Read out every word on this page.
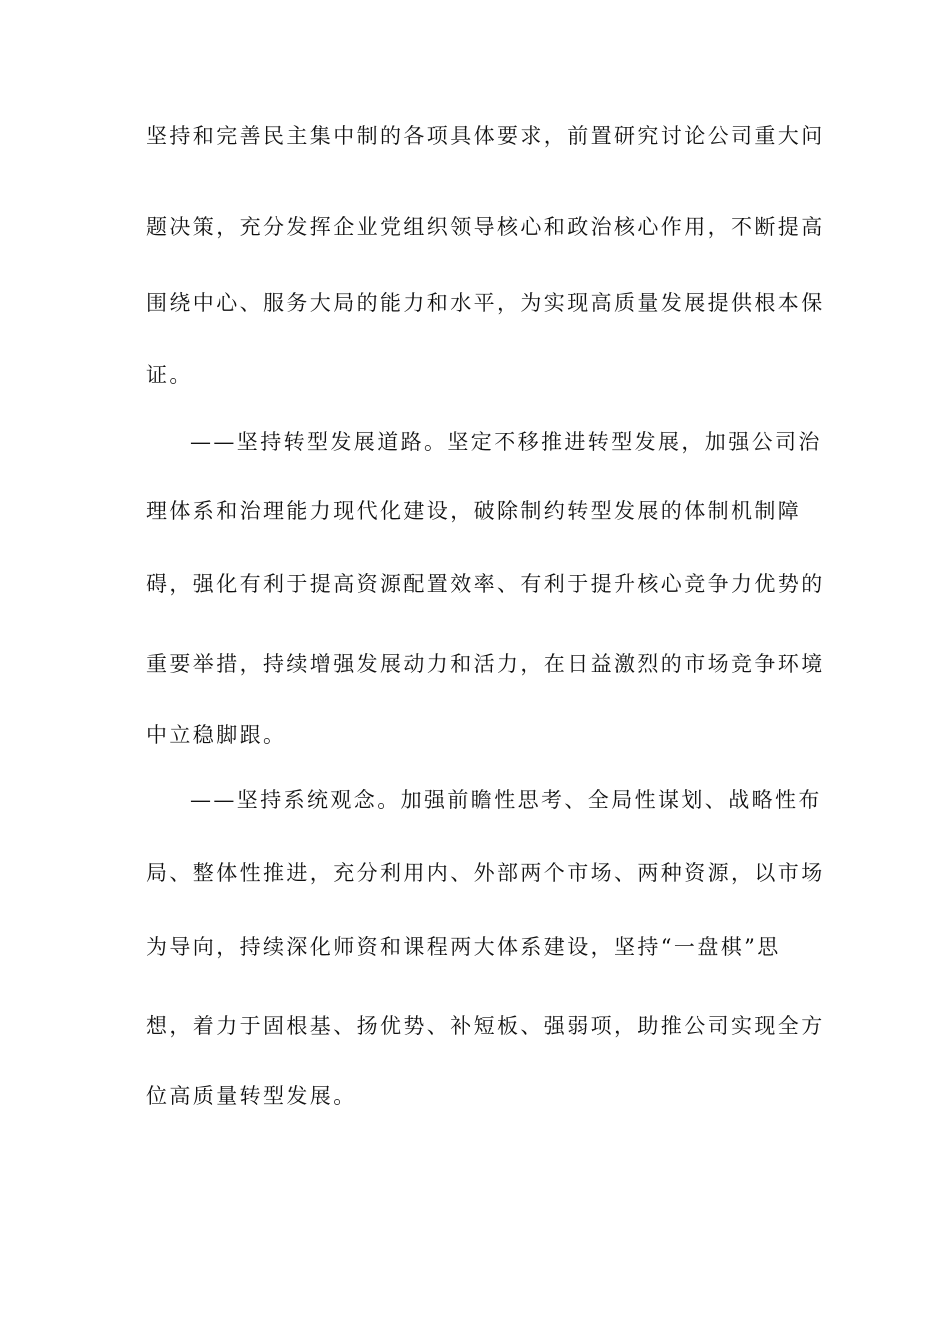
坚持和完善民主集中制的各项具体要求，前置研究讨论公司重大问
题决策，充分发挥企业党组织领导核心和政治核心作用，不断提高
围绕中心、服务大局的能力和水平，为实现高质量发展提供根本保
证。
——坚持转型发展道路。坚定不移推进转型发展，加强公司治
理体系和治理能力现代化建设，破除制约转型发展的体制机制障
碍，强化有利于提高资源配置效率、有利于提升核心竞争力优势的
重要举措，持续增强发展动力和活力，在日益激烈的市场竞争环境
中立稳脚跟。
——坚持系统观念。加强前瞻性思考、全局性谋划、战略性布
局、整体性推进，充分利用内、外部两个市场、两种资源，以市场
为导向，持续深化师资和课程两大体系建设，坚持“一盘棋”思
想，着力于固根基、扬优势、补短板、强弱项，助推公司实现全方
位高质量转型发展。
